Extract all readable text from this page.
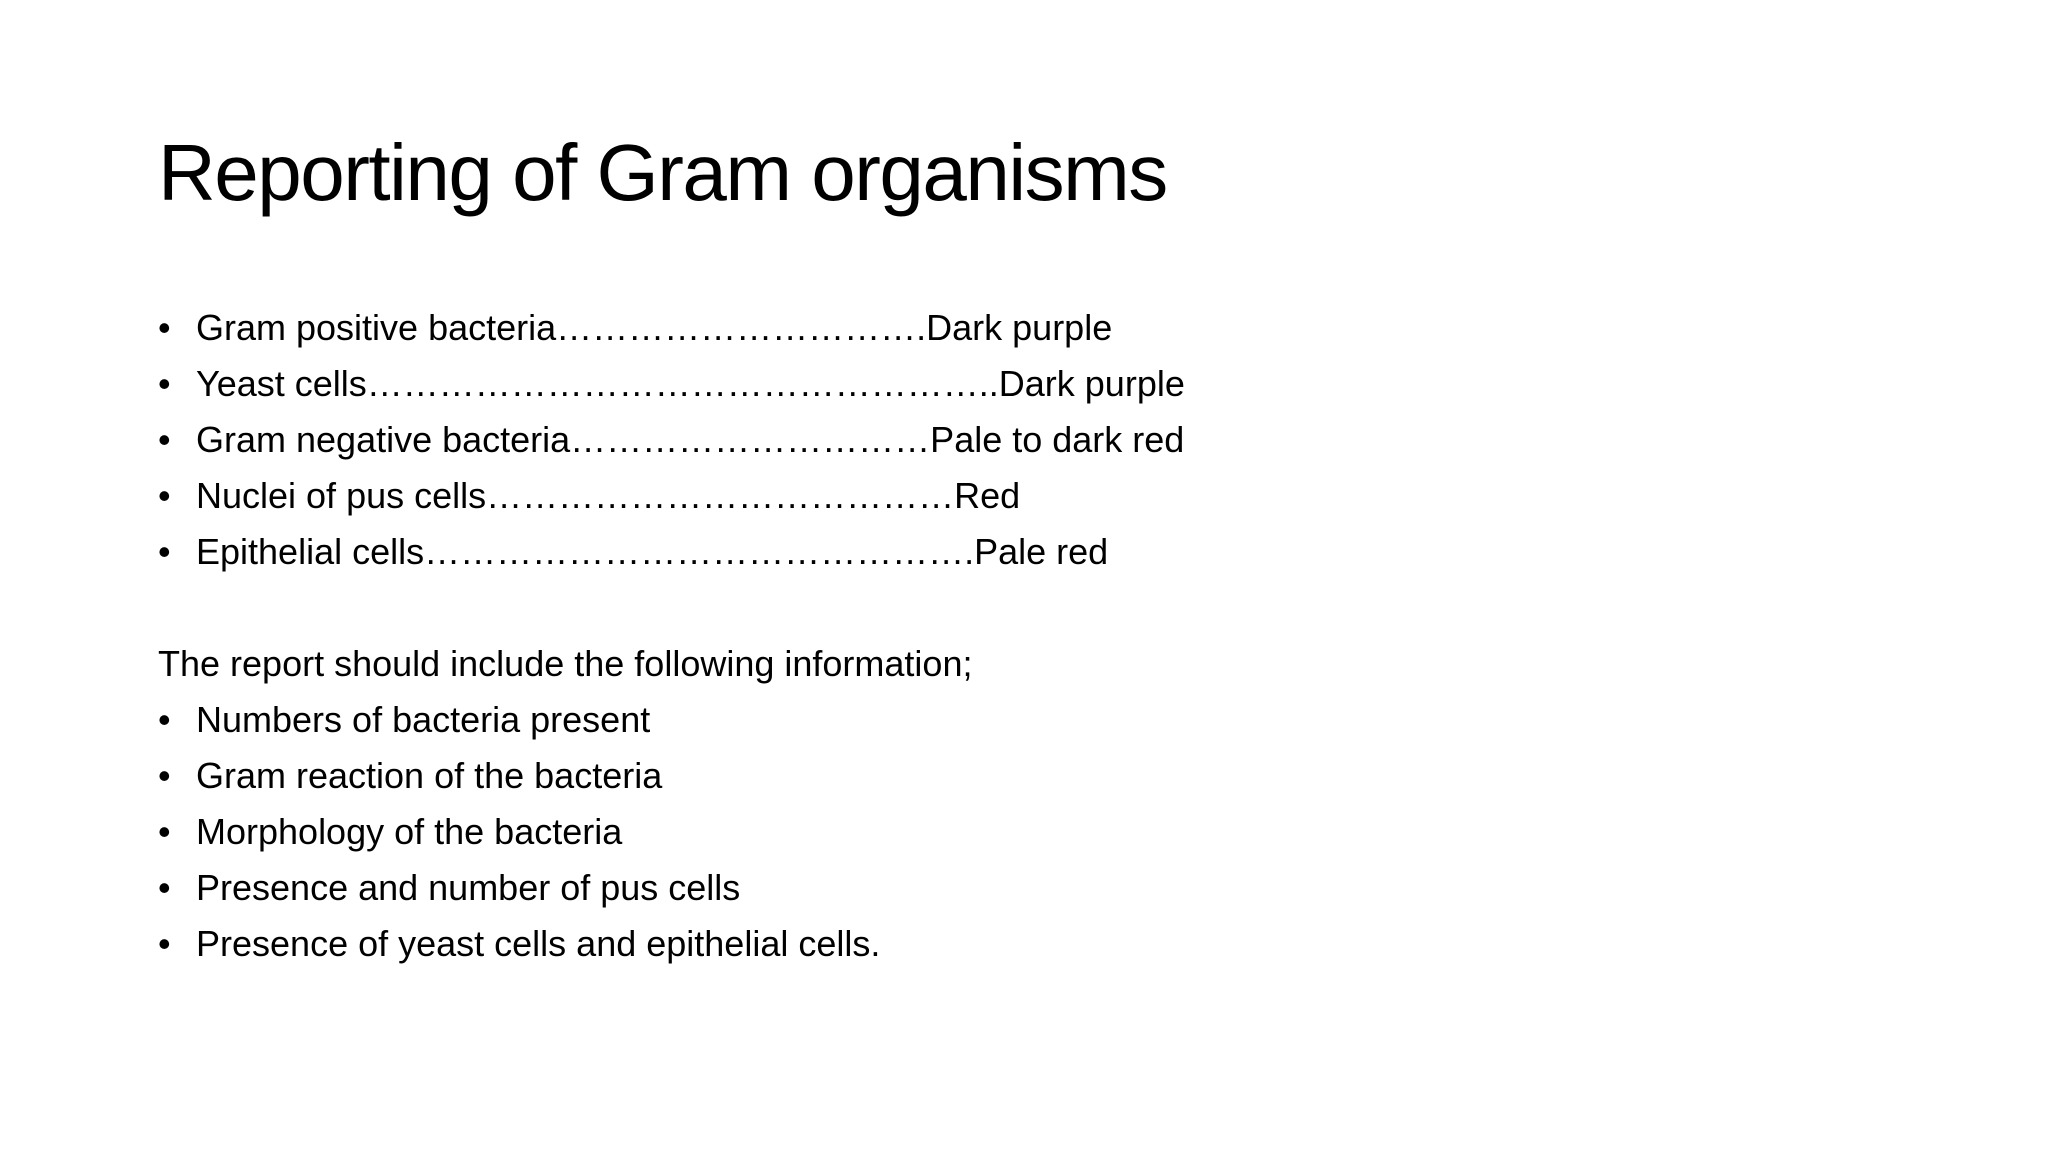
Reporting of Gram organisms
• Gram positive bacteria………………………….Dark purple
• Yeast cells……………………………………………..Dark purple
• Gram negative bacteria…………………………Pale to dark red
• Nuclei of pus cells…………………………………Red
• Epithelial cells……………………………………….Pale red
The report should include the following information;
• Numbers of bacteria present
• Gram reaction of the bacteria
• Morphology of the bacteria
• Presence and number of pus cells
• Presence of yeast cells and epithelial cells.
